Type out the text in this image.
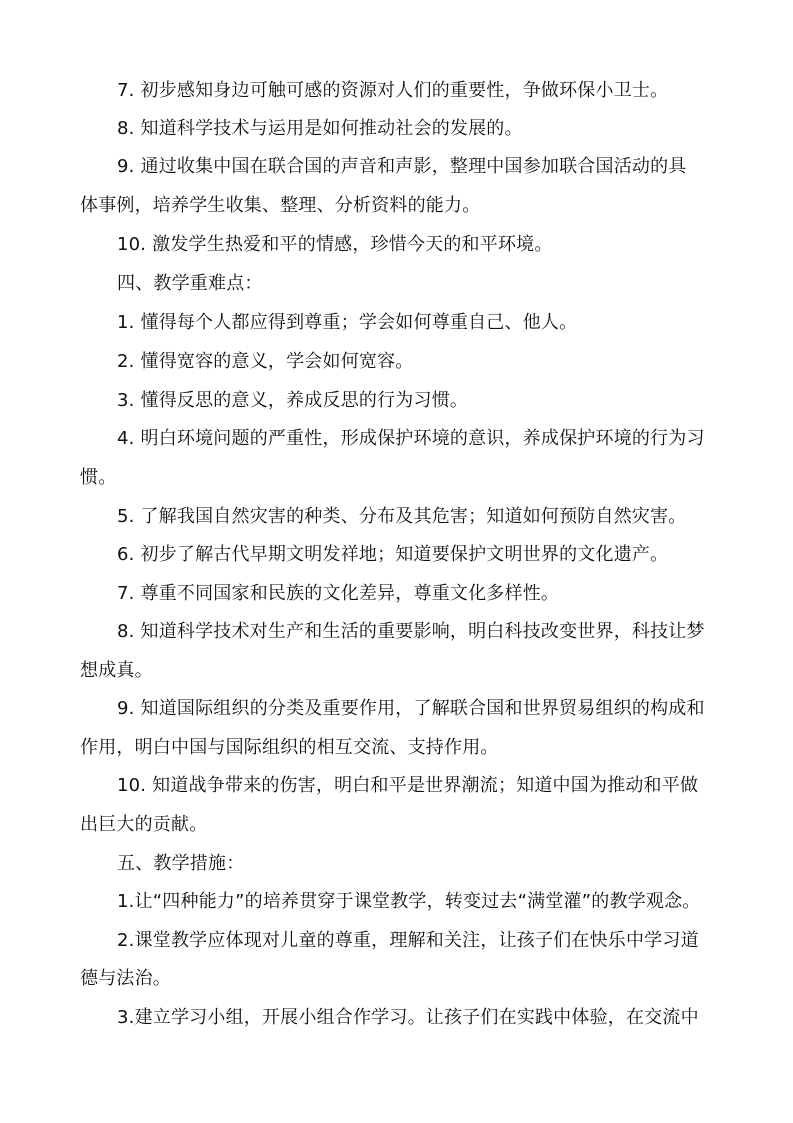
7. 初步感知身边可触可感的资源对人们的重要性，争做环保小卫士。
8. 知道科学技术与运用是如何推动社会的发展的。
9. 通过收集中国在联合国的声音和声影，整理中国参加联合国活动的具
体事例，培养学生收集、整理、分析资料的能力。
10. 激发学生热爱和平的情感，珍惜今天的和平环境。
四、教学重难点：
1. 懂得每个人都应得到尊重；学会如何尊重自己、他人。
2. 懂得宽容的意义，学会如何宽容。
3. 懂得反思的意义，养成反思的行为习惯。
4. 明白环境问题的严重性，形成保护环境的意识，养成保护环境的行为习
惯。
5. 了解我国自然灾害的种类、分布及其危害；知道如何预防自然灾害。
6. 初步了解古代早期文明发祥地；知道要保护文明世界的文化遗产。
7. 尊重不同国家和民族的文化差异，尊重文化多样性。
8. 知道科学技术对生产和生活的重要影响，明白科技改变世界，科技让梦
想成真。
9. 知道国际组织的分类及重要作用，了解联合国和世界贸易组织的构成和
作用，明白中国与国际组织的相互交流、支持作用。
10. 知道战争带来的伤害，明白和平是世界潮流；知道中国为推动和平做
出巨大的贡献。
五、教学措施：
1.让“四种能力”的培养贯穿于课堂教学，转变过去“满堂灌”的教学观念。
2.课堂教学应体现对儿童的尊重，理解和关注，让孩子们在快乐中学习道
德与法治。
3.建立学习小组，开展小组合作学习。让孩子们在实践中体验，在交流中
